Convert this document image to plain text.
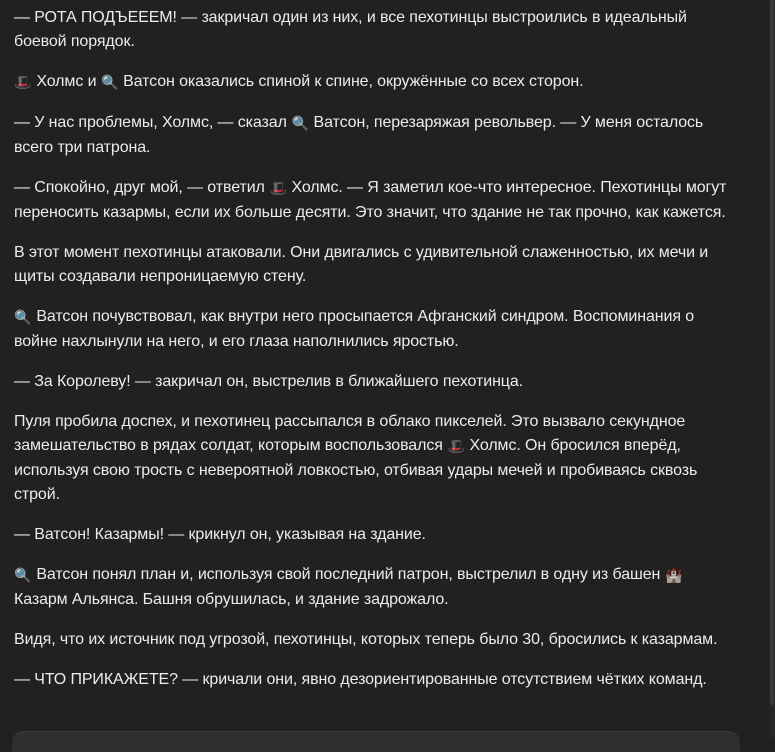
— РОТА ПОДЪЕЕЕМ! — закричал один из них, и все пехотинцы выстроились в идеальный боевой порядок.

🎩 Холмс и 🔍 Ватсон оказались спиной к спине, окружённые со всех сторон.

— У нас проблемы, Холмс, — сказал 🔍 Ватсон, перезаряжая револьвер. — У меня осталось всего три патрона.

— Спокойно, друг мой, — ответил 🎩 Холмс. — Я заметил кое-что интересное. Пехотинцы могут переносить казармы, если их больше десяти. Это значит, что здание не так прочно, как кажется.

В этот момент пехотинцы атаковали. Они двигались с удивительной слаженностью, их мечи и щиты создавали непроницаемую стену.

🔍 Ватсон почувствовал, как внутри него просыпается Афганский синдром. Воспоминания о войне нахлынули на него, и его глаза наполнились яростью.

— За Королеву! — закричал он, выстрелив в ближайшего пехотинца.

Пуля пробила доспех, и пехотинец рассыпался в облако пикселей. Это вызвало секундное замешательство в рядах солдат, которым воспользовался 🎩 Холмс. Он бросился вперёд, используя свою трость с невероятной ловкостью, отбивая удары мечей и пробиваясь сквозь строй.

— Ватсон! Казармы! — крикнул он, указывая на здание.

🔍 Ватсон понял план и, используя свой последний патрон, выстрелил в одну из башен 🏰 Казарм Альянса. Башня обрушилась, и здание задрожало.

Видя, что их источник под угрозой, пехотинцы, которых теперь было 30, бросились к казармам.

— ЧТО ПРИКАЖЕТЕ? — кричали они, явно дезориентированные отсутствием чётких команд.
